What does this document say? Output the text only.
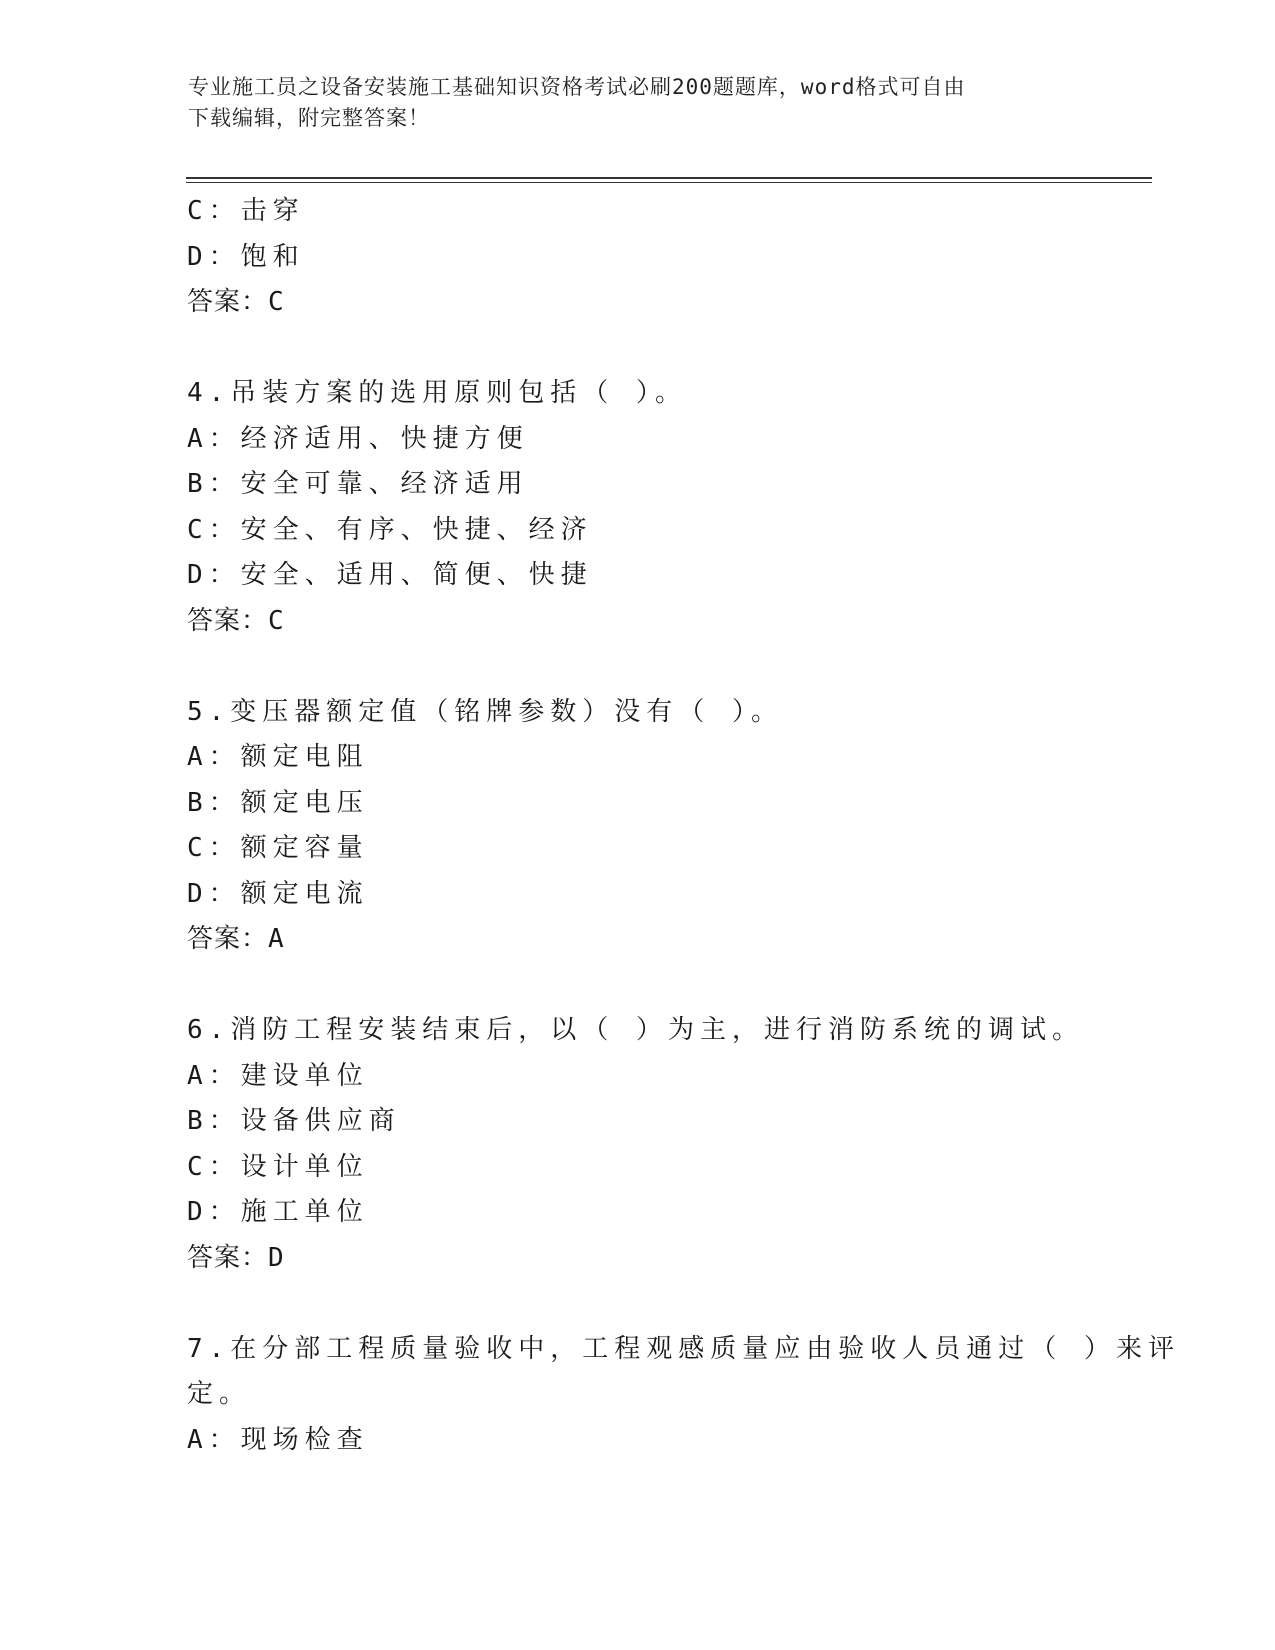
专业施工员之设备安装施工基础知识资格考试必刷200题题库，word格式可自由
下载编辑，附完整答案！
C：击穿
D：饱和
答案：C
4.吊装方案的选用原则包括（ ）。
A：经济适用、快捷方便
B：安全可靠、经济适用
C：安全、有序、快捷、经济
D：安全、适用、简便、快捷
答案：C
5.变压器额定值（铭牌参数）没有（ ）。
A：额定电阻
B：额定电压
C：额定容量
D：额定电流
答案：A
6.消防工程安装结束后，以（ ）为主，进行消防系统的调试。
A：建设单位
B：设备供应商
C：设计单位
D：施工单位
答案：D
7.在分部工程质量验收中，工程观感质量应由验收人员通过（ ）来评
定。
A：现场检查
